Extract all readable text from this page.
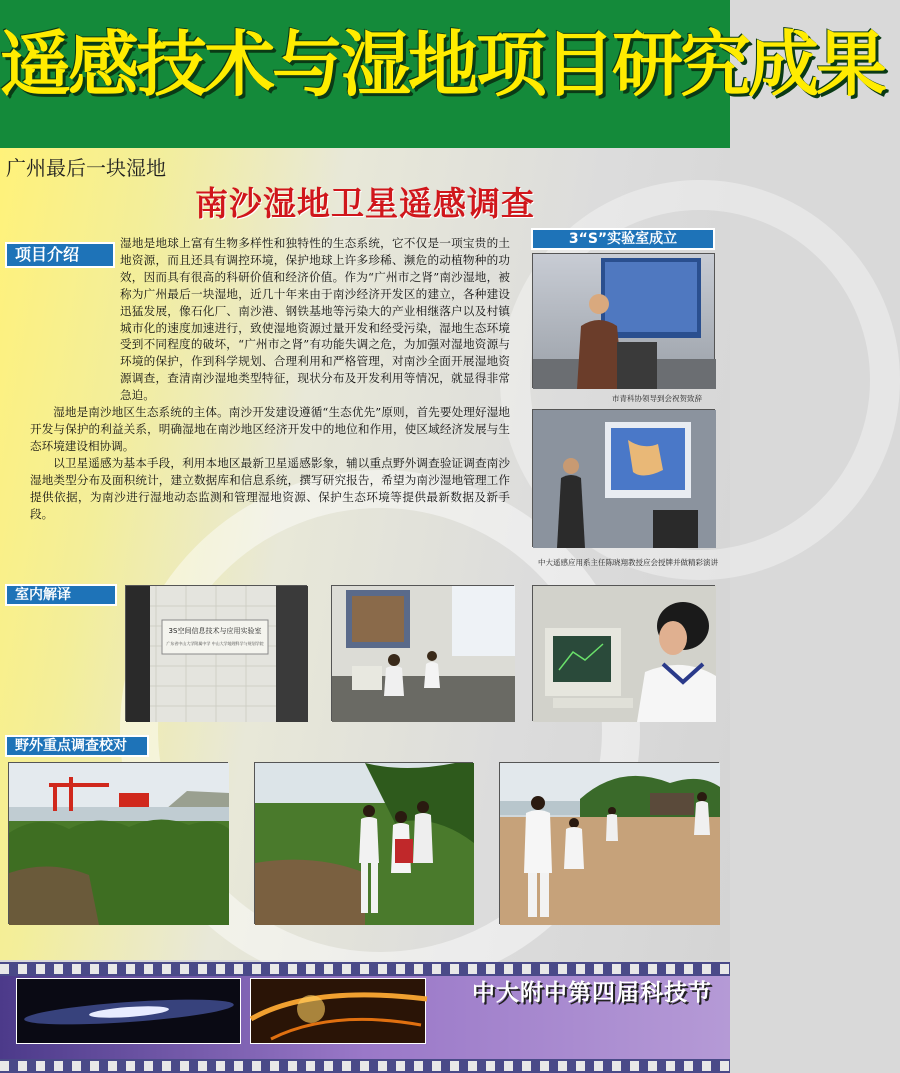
遥感技术与湿地项目研究成果
广州最后一块湿地
南沙湿地卫星遥感调查
项目介绍

湿地是地球上富有生物多样性和独特性的生态系统，它不仅是一项宝贵的土地资源，而且还具有调控环境，保护地球上许多珍稀、濒危的动植物种的功效，因而具有很高的科研价值和经济价值。作为“广州市之肾”南沙湿地，被称为广州最后一块湿地，近几十年来由于南沙经济开发区的建立，各种建设迅猛发展，像石化厂、南沙港、钢铁基地等污染大的产业相继落户以及村镇城市化的速度加速进行，致使湿地资源过量开发和经受污染，湿地生态环境受到不同程度的破坏，“广州市之肾”有功能失调之危，为加强对湿地资源与环境的保护，作到科学规划、合理利用和严格管理，对南沙全面开展湿地资源调查，查清南沙湿地类型特征，现状分布及开发利用等情况，就显得非常急迫。

湿地是南沙地区生态系统的主体。南沙开发建设遵循“生态优先”原则，首先要处理好湿地开发与保护的利益关系，明确湿地在南沙地区经济开发中的地位和作用，使区域经济发展与生态环境建设相协调。

以卫星遥感为基本手段，利用本地区最新卫星遥感影象，辅以重点野外调查验证调查南沙湿地类型分布及面积统计，建立数据库和信息系统，撰写研究报告，希望为南沙湿地管理工作提供依据，为南沙进行湿地动态监测和管理湿地资源、保护生态环境等提供最新数据及新手段。

3“S”实验室成立
市青科协领导到会祝贺致辞
中大遥感应用系主任陈晓翔教授应会授牌并做精彩演讲
室内解译
3S空间信息技术与应用实验室
广东省中山大学附属中学 中山大学地理科学与规划学院
野外重点调查校对
中大附中第四届科技节
